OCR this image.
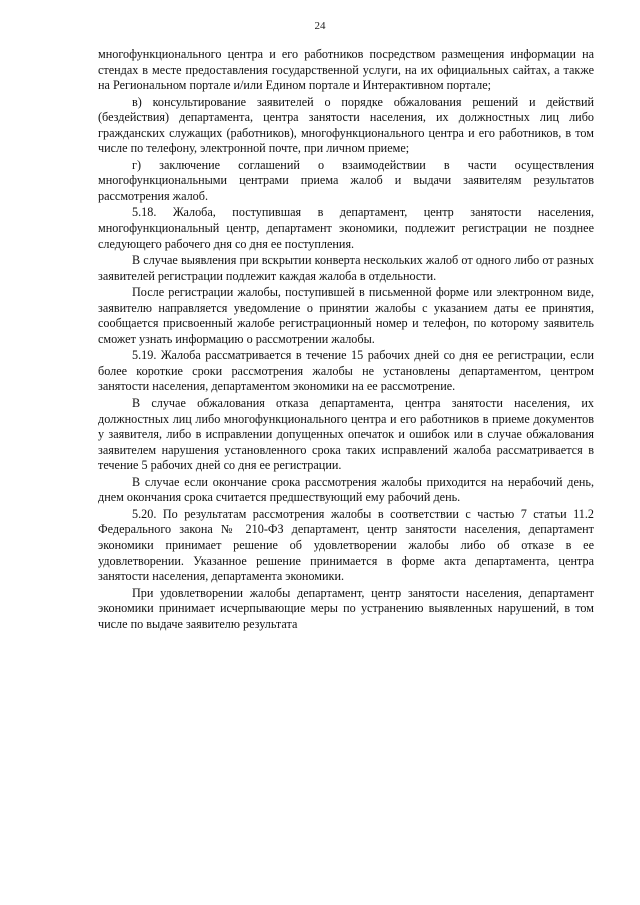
24

многофункционального центра и его работников посредством размещения информации на стендах в месте предоставления государственной услуги, на их официальных сайтах, а также на Региональном портале и/или Едином портале и Интерактивном портале;

в) консультирование заявителей о порядке обжалования решений и действий (бездействия) департамента, центра занятости населения, их должностных лиц либо гражданских служащих (работников), многофункционального центра и его работников, в том числе по телефону, электронной почте, при личном приеме;

г) заключение соглашений о взаимодействии в части осуществления многофункциональными центрами приема жалоб и выдачи заявителям результатов рассмотрения жалоб.

5.18. Жалоба, поступившая в департамент, центр занятости населения, многофункциональный центр, департамент экономики, подлежит регистрации не позднее следующего рабочего дня со дня ее поступления.

В случае выявления при вскрытии конверта нескольких жалоб от одного либо от разных заявителей регистрации подлежит каждая жалоба в отдельности.

После регистрации жалобы, поступившей в письменной форме или электронном виде, заявителю направляется уведомление о принятии жалобы с указанием даты ее принятия, сообщается присвоенный жалобе регистрационный номер и телефон, по которому заявитель сможет узнать информацию о рассмотрении жалобы.

5.19. Жалоба рассматривается в течение 15 рабочих дней со дня ее регистрации, если более короткие сроки рассмотрения жалобы не установлены департаментом, центром занятости населения, департаментом экономики на ее рассмотрение.

В случае обжалования отказа департамента, центра занятости населения, их должностных лиц либо многофункционального центра и его работников в приеме документов у заявителя, либо в исправлении допущенных опечаток и ошибок или в случае обжалования заявителем нарушения установленного срока таких исправлений жалоба рассматривается в течение 5 рабочих дней со дня ее регистрации.

В случае если окончание срока рассмотрения жалобы приходится на нерабочий день, днем окончания срока считается предшествующий ему рабочий день.

5.20. По результатам рассмотрения жалобы в соответствии с частью 7 статьи 11.2 Федерального закона № 210-ФЗ департамент, центр занятости населения, департамент экономики принимает решение об удовлетворении жалобы либо об отказе в ее удовлетворении. Указанное решение принимается в форме акта департамента, центра занятости населения, департамента экономики.

При удовлетворении жалобы департамент, центр занятости населения, департамент экономики принимает исчерпывающие меры по устранению выявленных нарушений, в том числе по выдаче заявителю результата
